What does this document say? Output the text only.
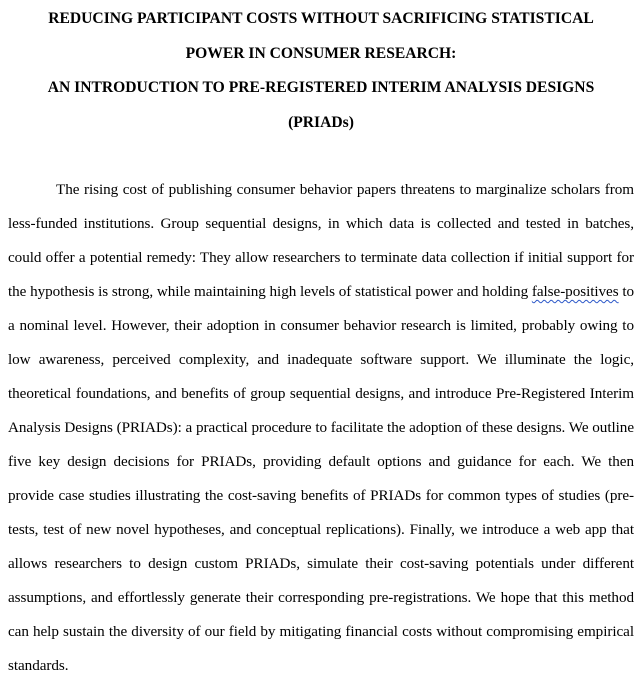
REDUCING PARTICIPANT COSTS WITHOUT SACRIFICING STATISTICAL
POWER IN CONSUMER RESEARCH:
AN INTRODUCTION TO PRE-REGISTERED INTERIM ANALYSIS DESIGNS
(PRIADs)

The rising cost of publishing consumer behavior papers threatens to marginalize scholars from less-funded institutions. Group sequential designs, in which data is collected and tested in batches, could offer a potential remedy: They allow researchers to terminate data collection if initial support for the hypothesis is strong, while maintaining high levels of statistical power and holding false-positives to a nominal level. However, their adoption in consumer behavior research is limited, probably owing to low awareness, perceived complexity, and inadequate software support. We illuminate the logic, theoretical foundations, and benefits of group sequential designs, and introduce Pre-Registered Interim Analysis Designs (PRIADs): a practical procedure to facilitate the adoption of these designs. We outline five key design decisions for PRIADs, providing default options and guidance for each. We then provide case studies illustrating the cost-saving benefits of PRIADs for common types of studies (pre-tests, test of new novel hypotheses, and conceptual replications). Finally, we introduce a web app that allows researchers to design custom PRIADs, simulate their cost-saving potentials under different assumptions, and effortlessly generate their corresponding pre-registrations. We hope that this method can help sustain the diversity of our field by mitigating financial costs without compromising empirical standards.
